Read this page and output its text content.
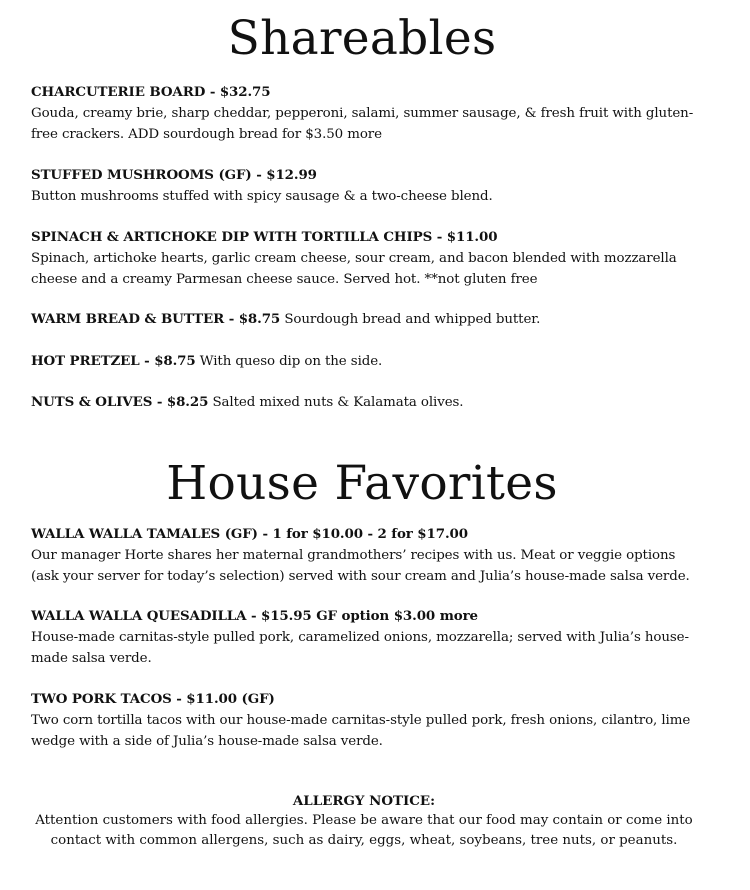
Shareables
CHARCUTERIE BOARD - $32.75
Gouda, creamy brie, sharp cheddar, pepperoni, salami, summer sausage, & fresh fruit with gluten-free crackers. ADD sourdough bread for $3.50 more
STUFFED MUSHROOMS (GF) - $12.99
Button mushrooms stuffed with spicy sausage & a two-cheese blend.
SPINACH & ARTICHOKE DIP WITH TORTILLA CHIPS - $11.00
Spinach, artichoke hearts, garlic cream cheese, sour cream, and bacon blended with mozzarella cheese and a creamy Parmesan cheese sauce. Served hot. **not gluten free
WARM BREAD & BUTTER - $8.75 Sourdough bread and whipped butter.
HOT PRETZEL - $8.75 With queso dip on the side.
NUTS & OLIVES - $8.25 Salted mixed nuts & Kalamata olives.
House Favorites
WALLA WALLA TAMALES (GF) - 1 for $10.00 - 2 for $17.00
Our manager Horte shares her maternal grandmothers’ recipes with us. Meat or veggie options (ask your server for today’s selection) served with sour cream and Julia’s house-made salsa verde.
WALLA WALLA QUESADILLA - $15.95 GF option $3.00 more
House-made carnitas-style pulled pork, caramelized onions, mozzarella; served with Julia’s house-made salsa verde.
TWO PORK TACOS - $11.00 (GF)
Two corn tortilla tacos with our house-made carnitas-style pulled pork, fresh onions, cilantro, lime wedge with a side of Julia’s house-made salsa verde.
ALLERGY NOTICE:
Attention customers with food allergies. Please be aware that our food may contain or come into contact with common allergens, such as dairy, eggs, wheat, soybeans, tree nuts, or peanuts.
